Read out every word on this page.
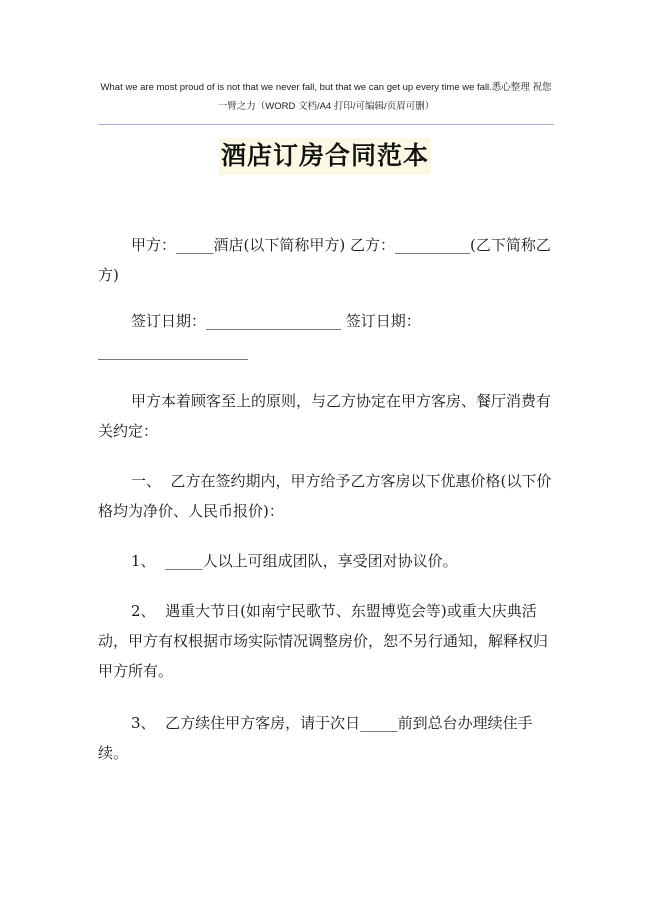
What we are most proud of is not that we never fall, but that we can get up every time we fall.悉心整理 祝您
一臂之力（WORD 文档/A4 打印/可编辑/页眉可删）
酒店订房合同范本

甲方：_____酒店(以下简称甲方) 乙方：__________(乙下简称乙方)

签订日期：__________________ 签订日期：

____________________

甲方本着顾客至上的原则，与乙方协定在甲方客房、餐厅消费有关约定：

一、  乙方在签约期内，甲方给予乙方客房以下优惠价格(以下价格均为净价、人民币报价)：

1、  _____人以上可组成团队，享受团对协议价。

2、  遇重大节日(如南宁民歌节、东盟博览会等)或重大庆典活动，甲方有权根据市场实际情况调整房价，恕不另行通知，解释权归甲方所有。

3、  乙方续住甲方客房，请于次日_____前到总台办理续住手续。
